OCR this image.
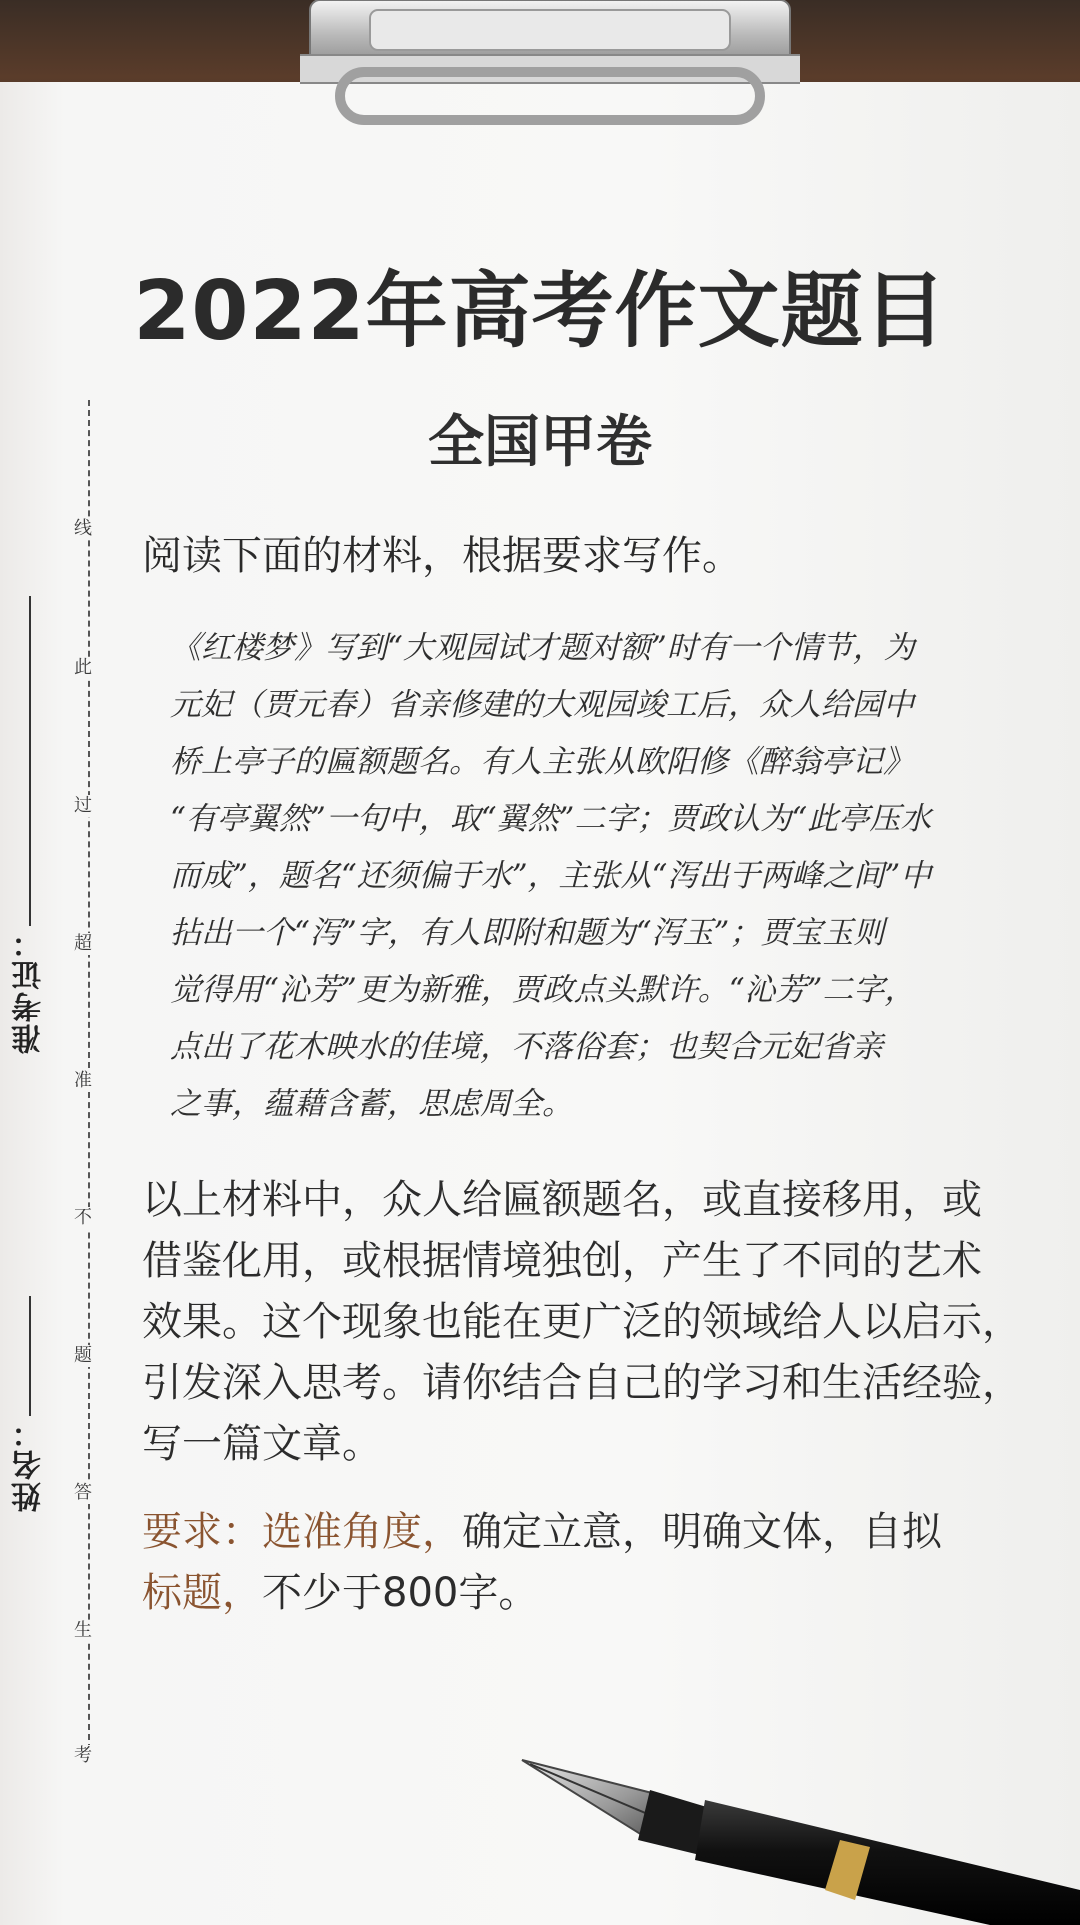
2022年高考作文题目
全国甲卷
线
此
过
超
准
不
题
答
生
考
准考证：
姓名：
阅读下面的材料，根据要求写作。
《红楼梦》写到“大观园试才题对额”时有一个情节，为
元妃（贾元春）省亲修建的大观园竣工后，众人给园中
桥上亭子的匾额题名。有人主张从欧阳修《醉翁亭记》
“有亭翼然”一句中，取“翼然”二字；贾政认为“此亭压水
而成”，题名“还须偏于水”，主张从“泻出于两峰之间”中
拈出一个“泻”字，有人即附和题为“泻玉”；贾宝玉则
觉得用“沁芳”更为新雅，贾政点头默许。“沁芳”二字，
点出了花木映水的佳境，不落俗套；也契合元妃省亲
之事，蕴藉含蓄，思虑周全。
以上材料中，众人给匾额题名，或直接移用，或
借鉴化用，或根据情境独创，产生了不同的艺术
效果。这个现象也能在更广泛的领域给人以启示，
引发深入思考。请你结合自己的学习和生活经验，
写一篇文章。
要求：选准角度，确定立意，明确文体，自拟
标题，不少于800字。
